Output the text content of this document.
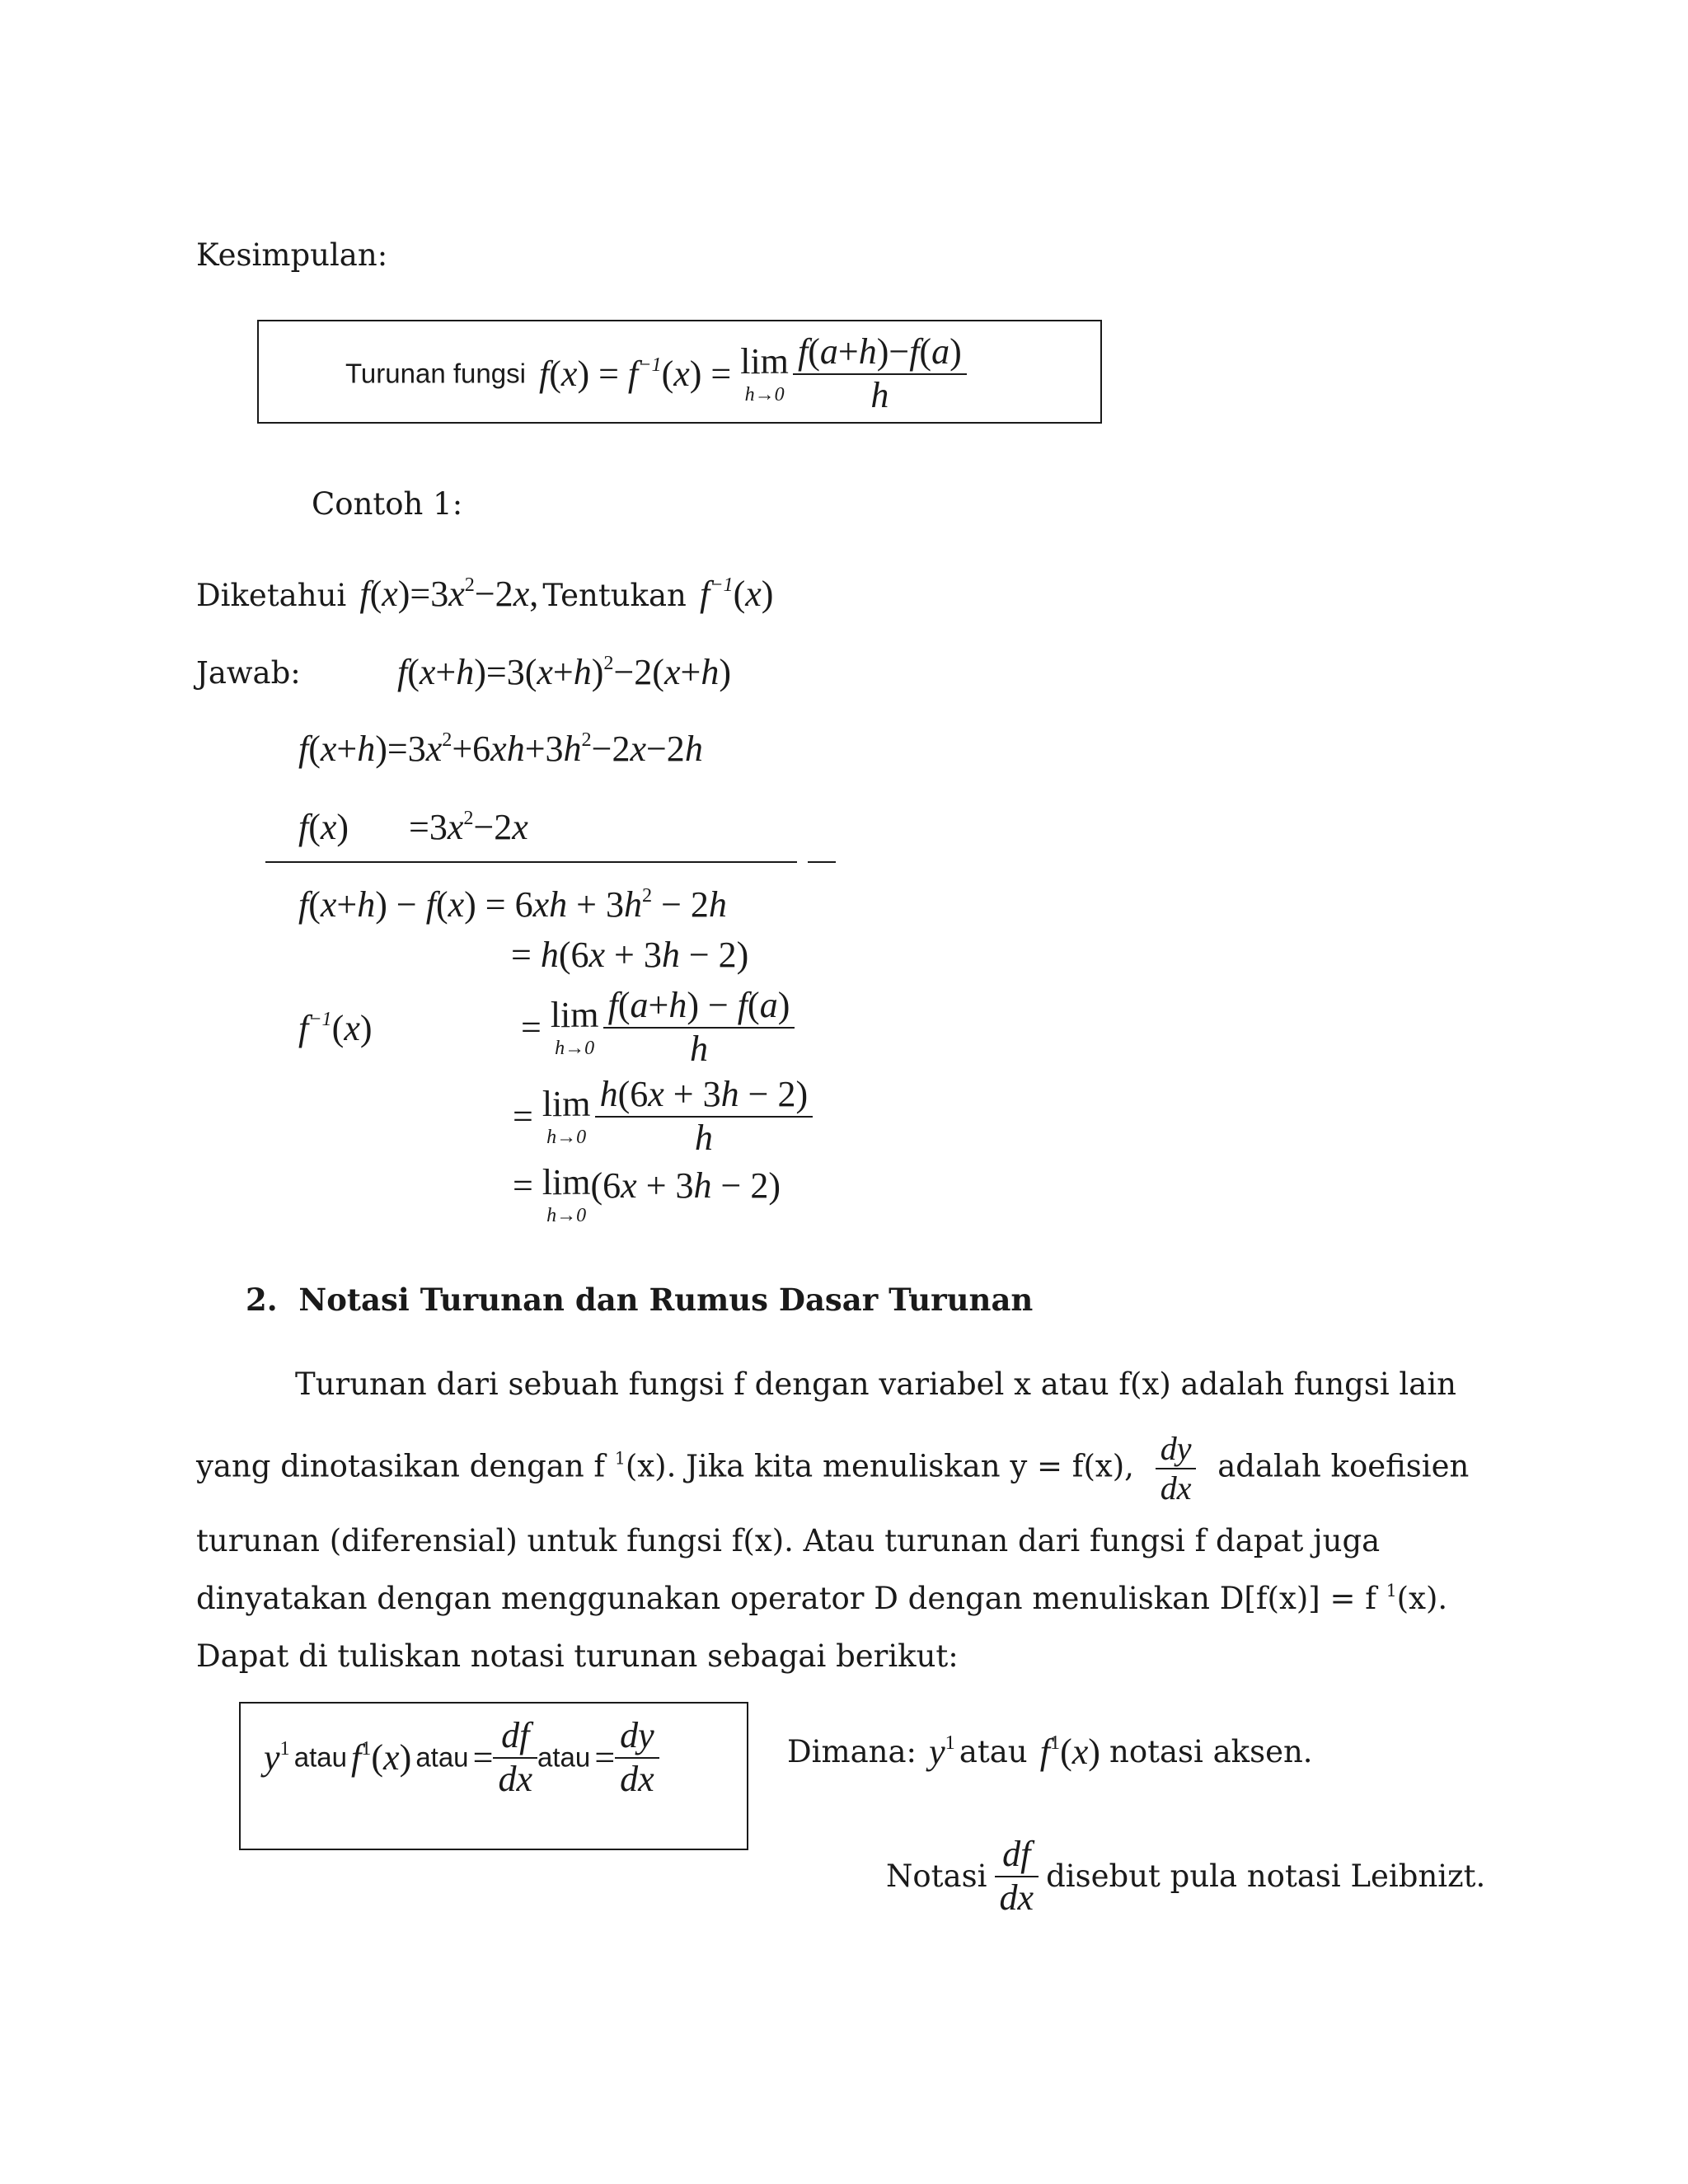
Kesimpulan:
Turunan fungsi  $f(x) = f^{-1}(x) = \lim$
h→0
$\frac{f(a+h)-f(a)}{h}$
Contoh 1:
Diketahui  $f(x)=3x^2-2x$, Tentukan  $f^{-1}(x)$
Jawab:	$f(x+h)=3(x+h)^2-2(x+h)$
$f(x+h)=3x^2+6xh+3h^2-2x-2h$
$f(x) =3x^2-2x$
$f(x+h) - f(x) = 6xh + 3h^2 - 2h$
= h(6x + 3h − 2)
$f^{-1}(x)$	= lim
h→0
$\frac{f(a+h) - f(a)}{h}$
= lim
h→0
$\frac{h(6x + 3h - 2)}{h}$
= lim
h→0
(6x + 3h − 2)
2. Notasi Turunan dan Rumus Dasar Turunan
Turunan dari sebuah fungsi f dengan variabel x atau f(x) adalah fungsi lain
yang dinotasikan dengan f $^1$(x). Jika kita menuliskan y = f(x), $\frac{dy}{dx}$ adalah koefisien
turunan (diferensial) untuk fungsi f(x). Atau turunan dari fungsi f dapat juga
dinyatakan dengan menggunakan operator D dengan menuliskan D[f(x)] = f $^1$(x).
Dapat di tuliskan notasi turunan sebagai berikut:
$y^1$ atau $f^1(x)$ atau = $\frac{df}{dx}$ atau = $\frac{dy}{dx}$	Dimana: $y^1$ atau $f^1(x)$ notasi aksen.
Notasi $\frac{df}{dx}$ disebut pula notasi Leibnizt.
